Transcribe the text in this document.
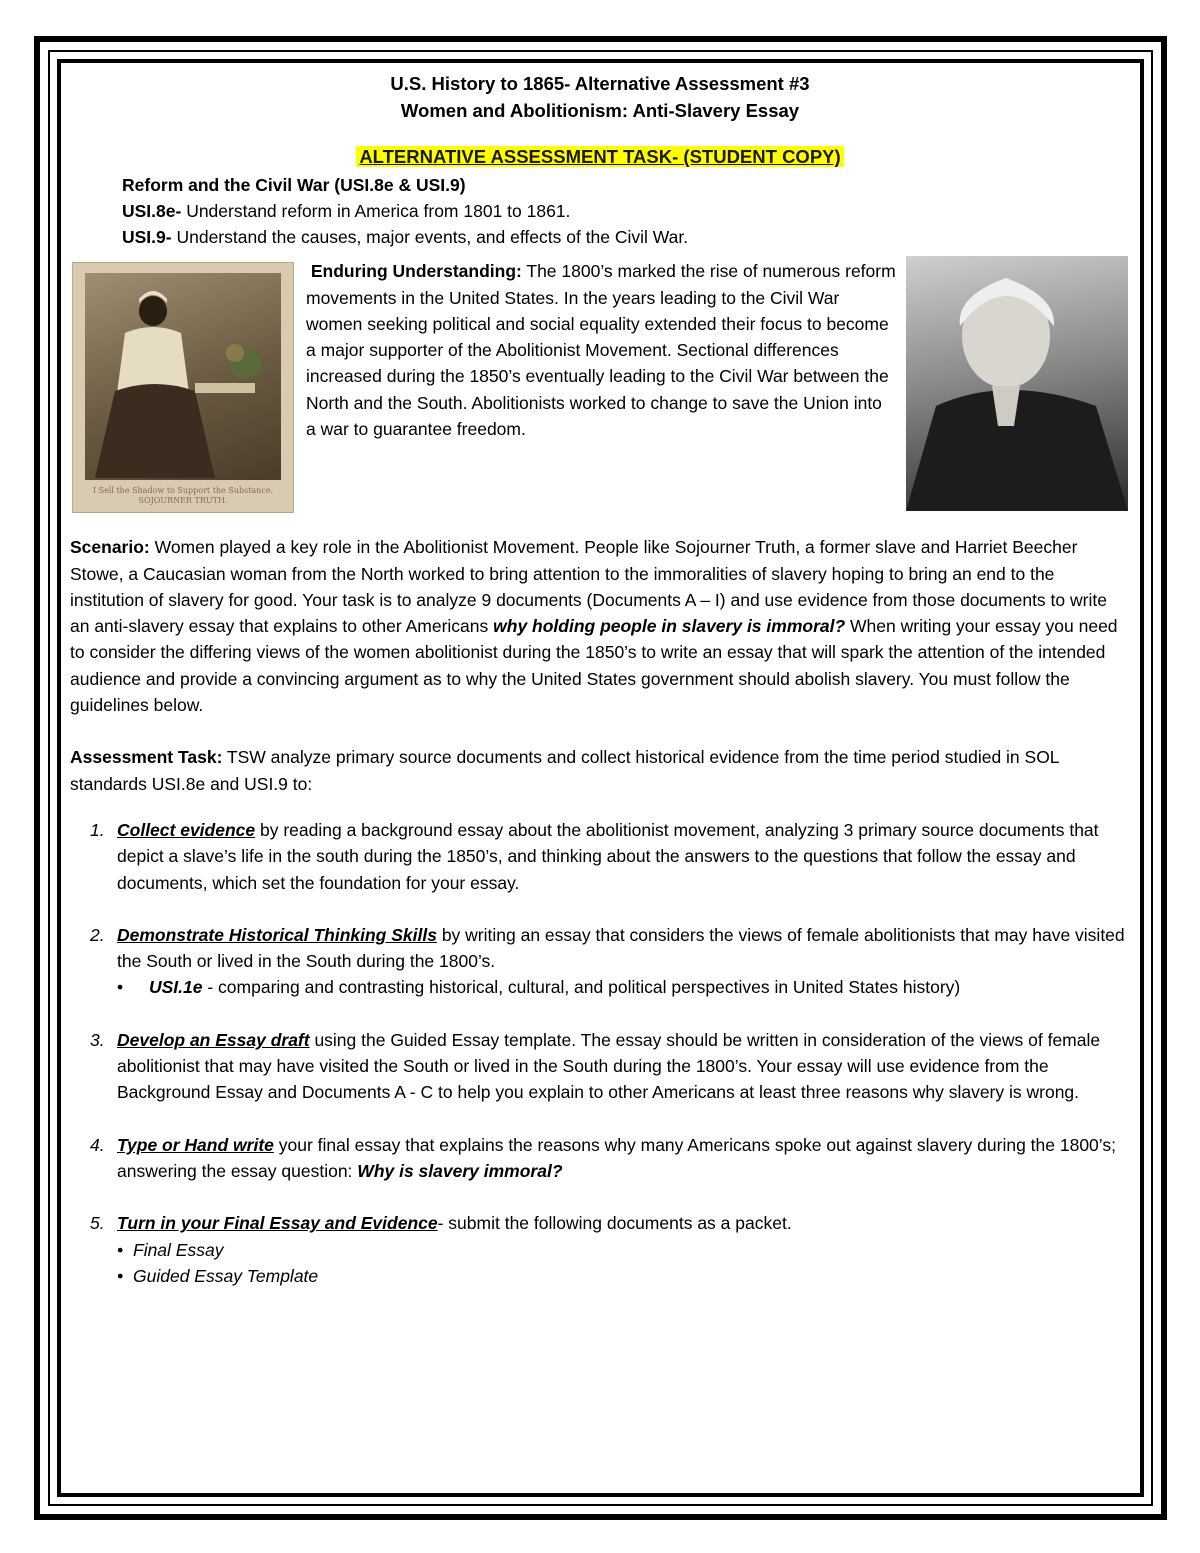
U.S. History to 1865- Alternative Assessment #3
Women and Abolitionism: Anti-Slavery Essay
ALTERNATIVE ASSESSMENT TASK- (STUDENT COPY)
Reform and the Civil War (USI.8e & USI.9)
USI.8e- Understand reform in America from 1801 to 1861.
USI.9- Understand the causes, major events, and effects of the Civil War.
I Sell the Shadow to Support the Substance.
SOJOURNER TRUTH.
Enduring Understanding: The 1800’s marked the rise of numerous reform movements in the United States. In the years leading to the Civil War women seeking political and social equality extended their focus to become a major supporter of the Abolitionist Movement. Sectional differences increased during the 1850’s eventually leading to the Civil War between the North and the South. Abolitionists worked to change to save the Union into a war to guarantee freedom.
Scenario: Women played a key role in the Abolitionist Movement. People like Sojourner Truth, a former slave and Harriet Beecher Stowe, a Caucasian woman from the North worked to bring attention to the immoralities of slavery hoping to bring an end to the institution of slavery for good. Your task is to analyze 9 documents (Documents A – I) and use evidence from those documents to write an anti-slavery essay that explains to other Americans why holding people in slavery is immoral? When writing your essay you need to consider the differing views of the women abolitionist during the 1850’s to write an essay that will spark the attention of the intended audience and provide a convincing argument as to why the United States government should abolish slavery. You must follow the guidelines below.
Assessment Task: TSW analyze primary source documents and collect historical evidence from the time period studied in SOL standards USI.8e and USI.9 to:
1. Collect evidence by reading a background essay about the abolitionist movement, analyzing 3 primary source documents that depict a slave’s life in the south during the 1850’s, and thinking about the answers to the questions that follow the essay and documents, which set the foundation for your essay.
2. Demonstrate Historical Thinking Skills by writing an essay that considers the views of female abolitionists that may have visited the South or lived in the South during the 1800’s.
• USI.1e - comparing and contrasting historical, cultural, and political perspectives in United States history)
3. Develop an Essay draft using the Guided Essay template. The essay should be written in consideration of the views of female abolitionist that may have visited the South or lived in the South during the 1800’s. Your essay will use evidence from the Background Essay and Documents A - C to help you explain to other Americans at least three reasons why slavery is wrong.
4. Type or Hand write your final essay that explains the reasons why many Americans spoke out against slavery during the 1800’s; answering the essay question: Why is slavery immoral?
5. Turn in your Final Essay and Evidence- submit the following documents as a packet.
• Final Essay
• Guided Essay Template
